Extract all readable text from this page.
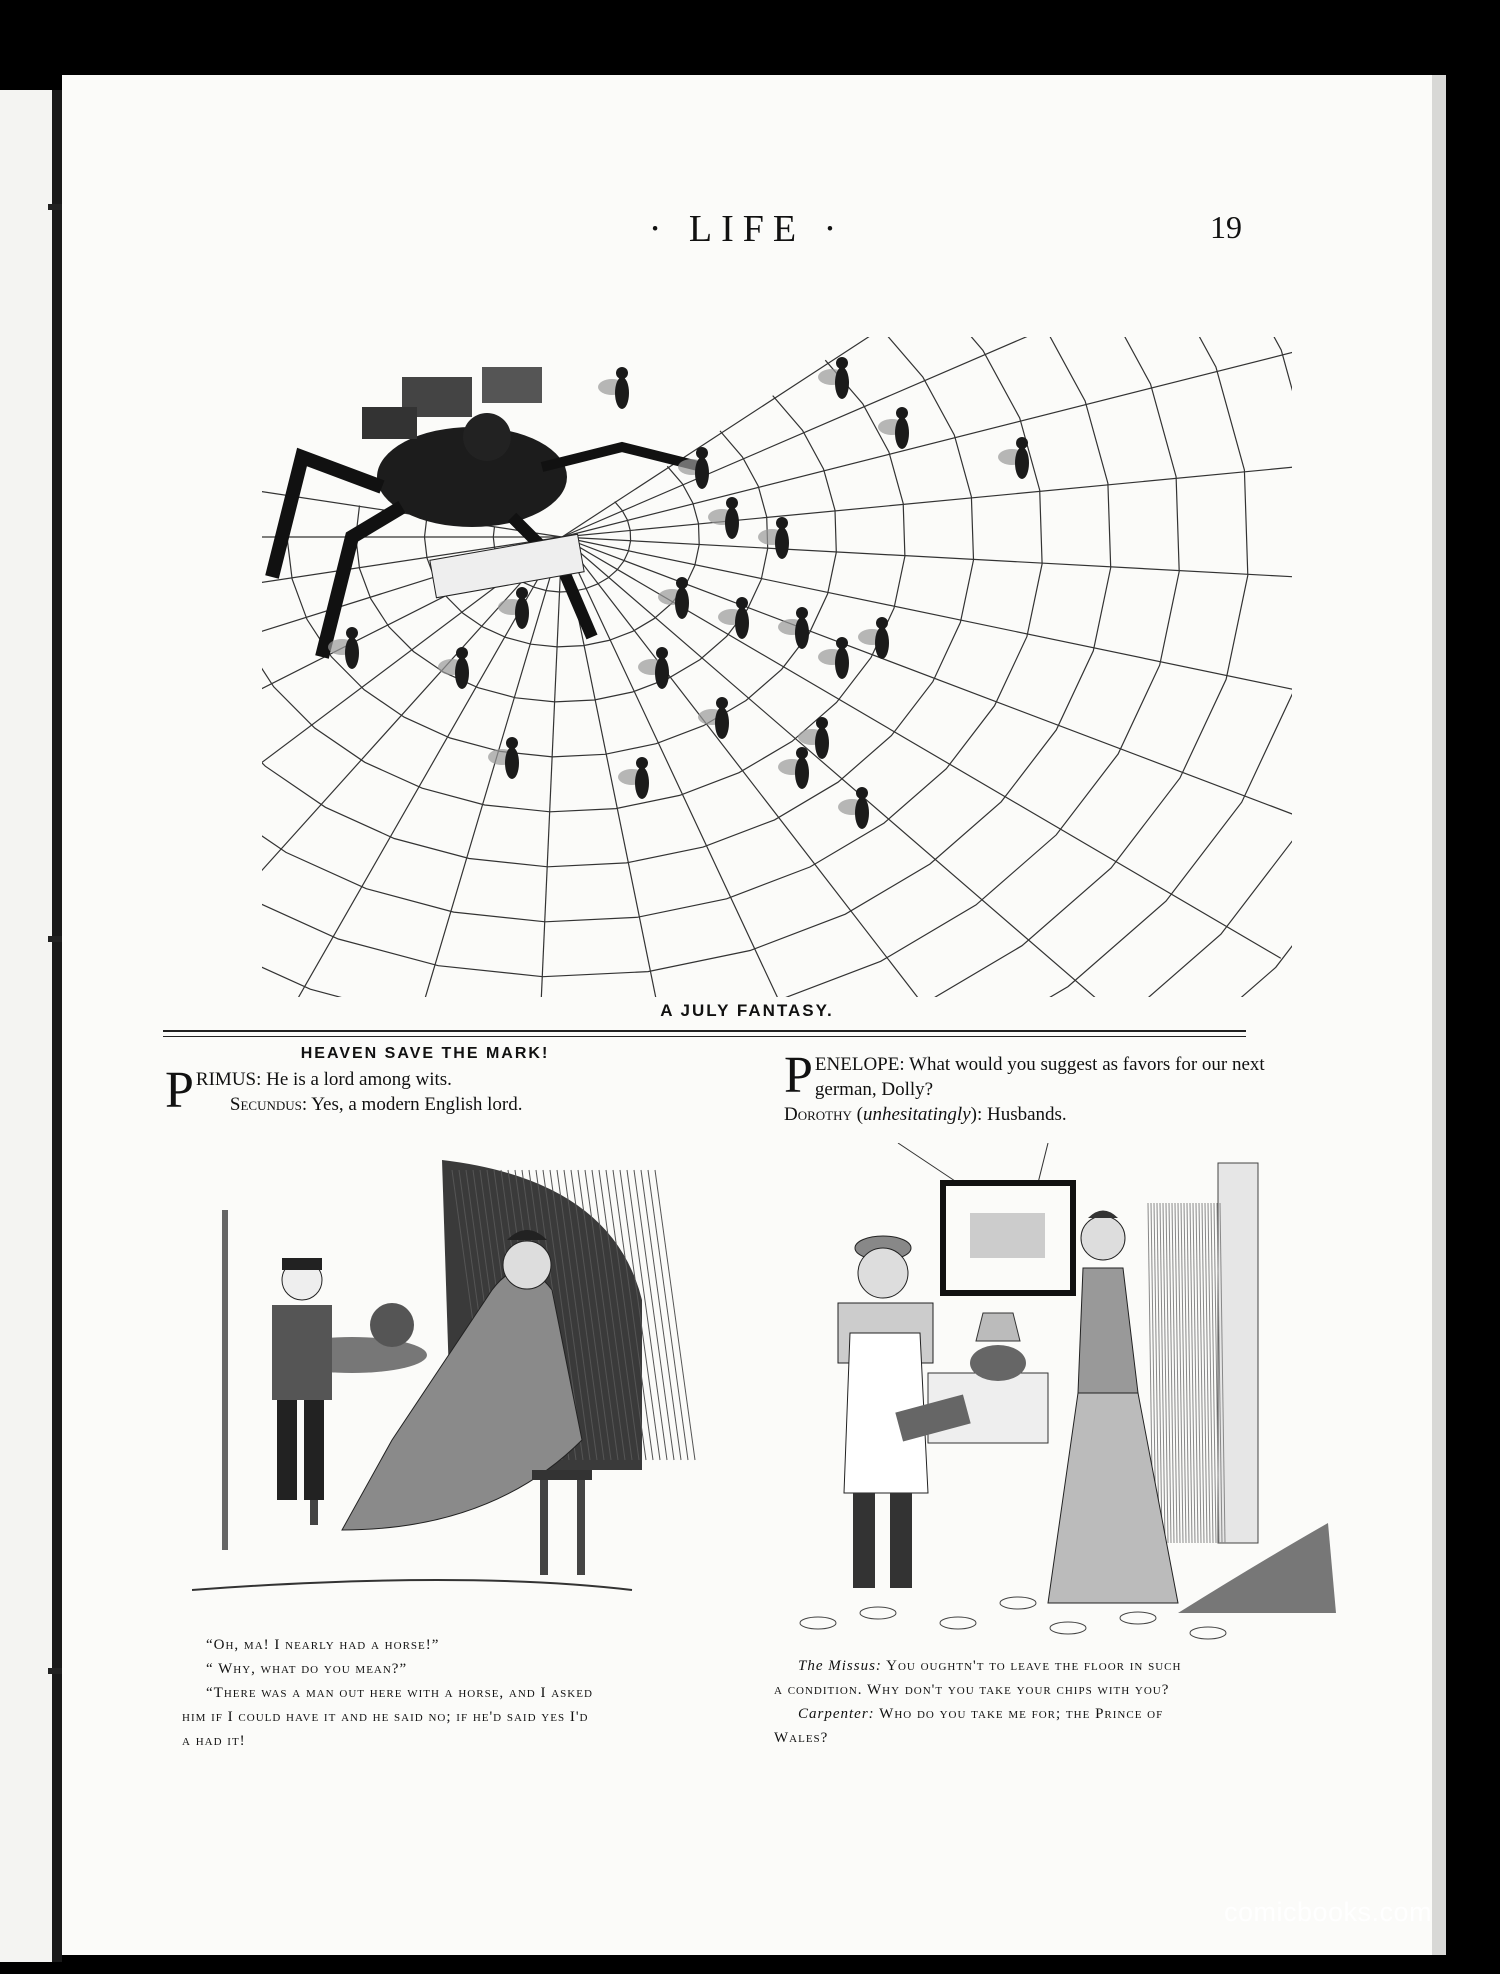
· LIFE ·	19
A JULY FANTASY.
HEAVEN SAVE THE MARK!
P RIMUS: He is a lord among wits.
Secundus: Yes, a modern English lord.
P ENELOPE: What would you suggest as favors for our next german, Dolly?
Dorothy (unhesitatingly): Husbands.
“Oh, ma! I nearly had a horse!”
“ Why, what do you mean?”
“There was a man out here with a horse, and I asked
him if I could have it and he said no; if he'd said yes I'd
a had it!
The Missus: You oughtn't to leave the floor in such
a condition. Why don't you take your chips with you?
Carpenter: Who do you take me for; the Prince of
Wales?
comicbooks.com
